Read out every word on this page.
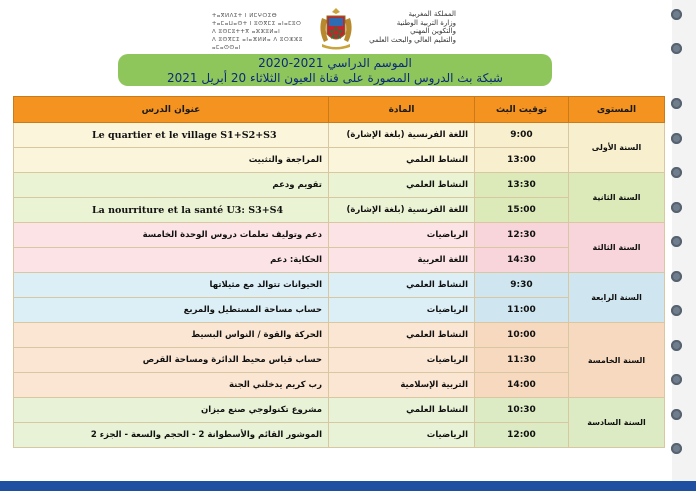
ⵜⴰⴳⵍⴷⵉⵜ ⵏ ⵍⵎⵖⵔⵉⴱ
ⵜⴰⵎⴰⵡⴰⵙⵜ ⵏ ⵓⵙⴳⵎⵉ ⴰⵏⴰⵎⵓⵔ
ⴷ ⵓⵙⵎⵓⵜⵜⴳ ⴰⵣⵣⵓⵍⴰⵏ
ⴷ ⵓⵙⴳⵎⵉ ⴰⵏⴰⴼⵍⵍⴰ ⴷ ⵓⵔⵣⵣⵓ ⴰⵎⴰⵙⵙⴰⵏ
المملكة المغربية
وزارة التربية الوطنية
والتكوين المهني
والتعليم العالي والبحث العلمي
الموسم الدراسي 2021-2020
شبكة بث الدروس المصورة على قناة العيون الثلاثاء 20 أبريل 2021
المستوى	توقيت البث	المادة	عنوان الدرس
السنة الأولى	9:00	اللغة الفرنسية (بلغة الإشارة)	Le quartier et le village S1+S2+S3
	13:00	النشاط العلمي	المراجعة والتثبيت
السنة الثانية	13:30	النشاط العلمي	تقويم ودعم
	15:00	اللغة الفرنسية (بلغة الإشارة)	La nourriture et la santé U3: S3+S4
السنة الثالثة	12:30	الرياضيات	دعم وتوليف تعلمات دروس الوحدة الخامسة
	14:30	اللغة العربية	الحكاية: دعم
السنة الرابعة	9:30	النشاط العلمي	الحيوانات تتوالد مع مثيلاتها
	11:00	الرياضيات	حساب مساحة المستطيل والمربع
السنة الخامسة	10:00	النشاط العلمي	الحركة والقوة / النواس البسيط
	11:30	الرياضيات	حساب قياس محيط الدائرة ومساحة القرص
	14:00	التربية الإسلامية	رب كريم يدخلني الجنة
السنة السادسة	10:30	النشاط العلمي	مشروع تكنولوجي صنع ميزان
	12:00	الرياضيات	الموشور القائم والأسطوانة 2 - الحجم والسعة - الجزء 2
